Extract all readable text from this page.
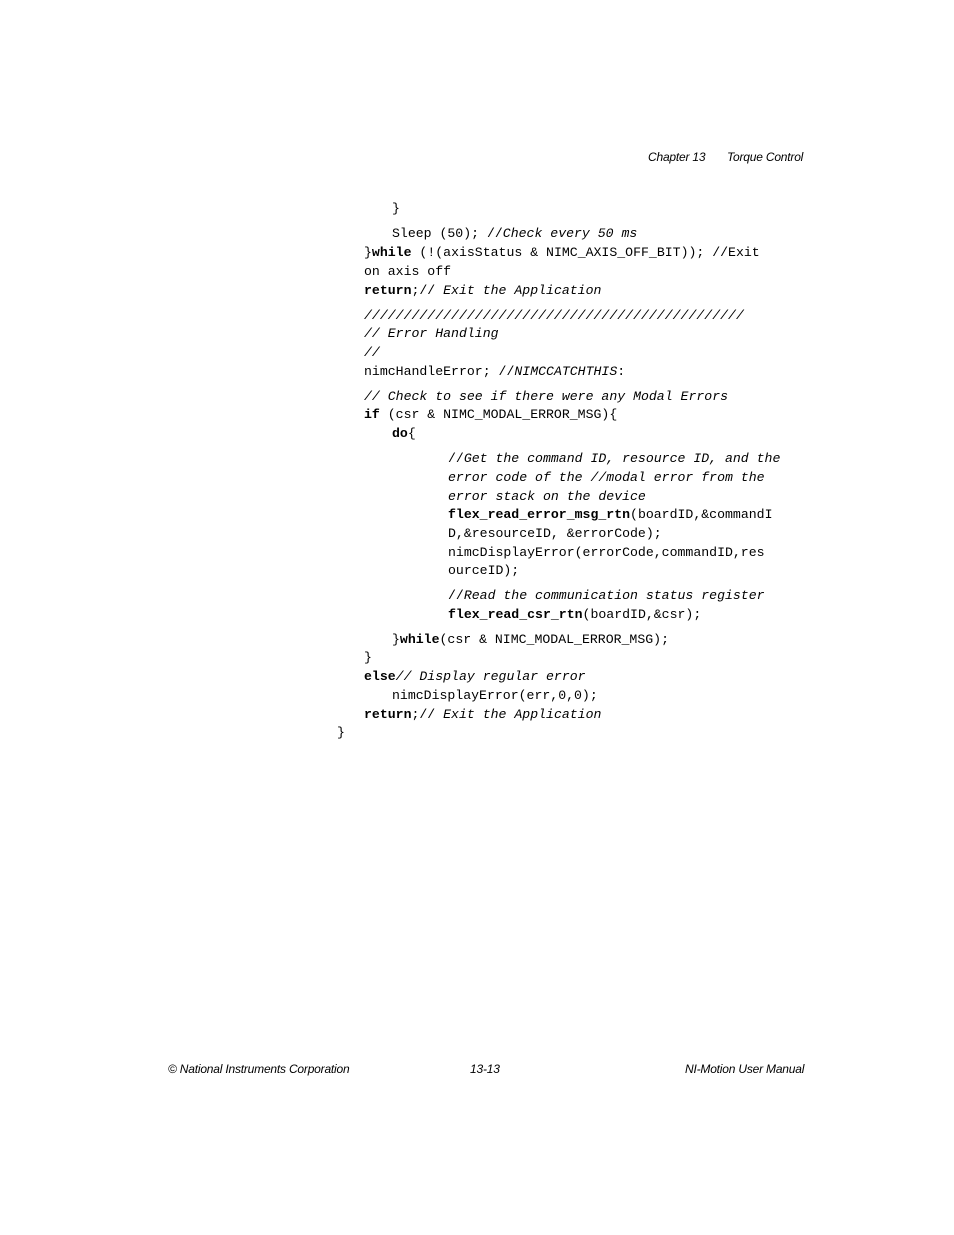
Chapter 13 Torque Control
}
Sleep (50); //Check every 50 ms
}while (!(axisStatus & NIMC_AXIS_OFF_BIT)); //Exit
on axis off
return;// Exit the Application
////////////////////////////////////////////////
// Error Handling
//
nimcHandleError; //NIMCCATCHTHIS:
// Check to see if there were any Modal Errors
if (csr & NIMC_MODAL_ERROR_MSG){
do{
//Get the command ID, resource ID, and the
error code of the //modal error from the
error stack on the device
flex_read_error_msg_rtn(boardID,&commandI
D,&resourceID, &errorCode);
nimcDisplayError(errorCode,commandID,res
ourceID);
//Read the communication status register
flex_read_csr_rtn(boardID,&csr);
}while(csr & NIMC_MODAL_ERROR_MSG);
}
else// Display regular error
nimcDisplayError(err,0,0);
return;// Exit the Application
}
© National Instruments Corporation	13-13	NI-Motion User Manual
